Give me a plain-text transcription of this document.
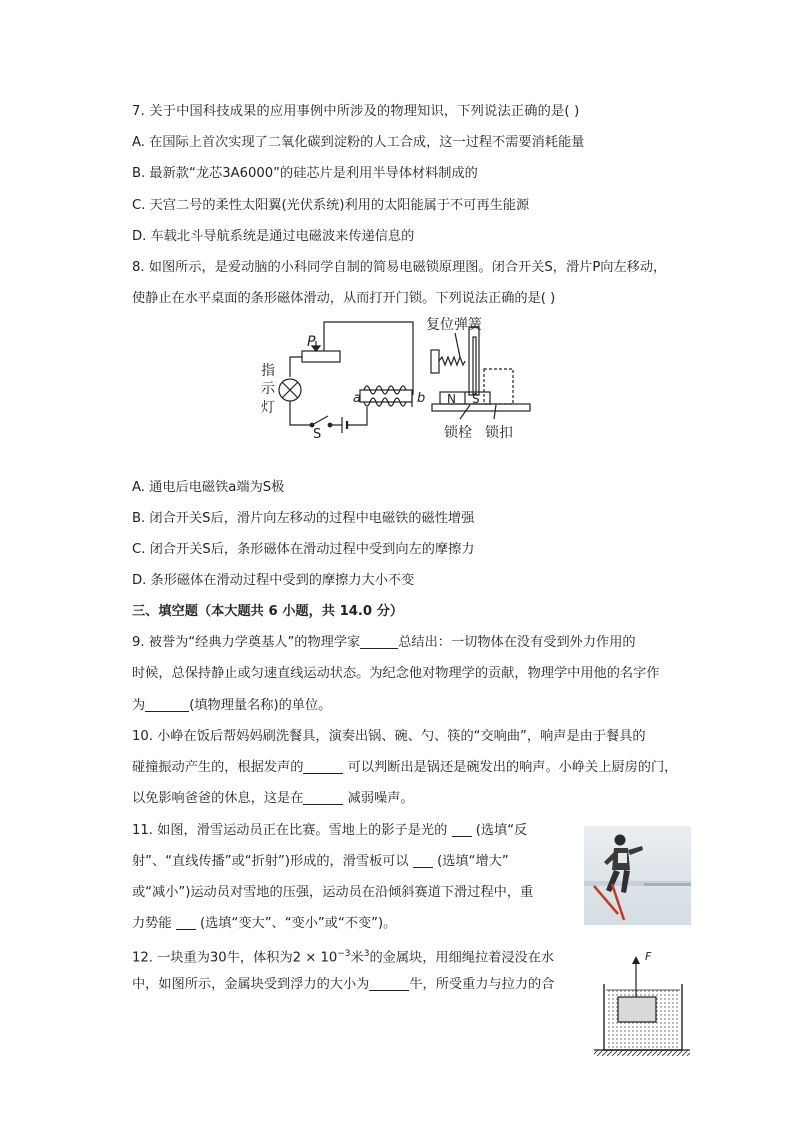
7. 关于中国科技成果的应用事例中所涉及的物理知识，下列说法正确的是( )
A. 在国际上首次实现了二氧化碳到淀粉的人工合成，这一过程不需要消耗能量
B. 最新款“龙芯3A6000”的硅芯片是利用半导体材料制成的
C. 天宫二号的柔性太阳翼(光伏系统)利用的太阳能属于不可再生能源
D. 车载北斗导航系统是通过电磁波来传递信息的
8. 如图所示，是爱动脑的小科同学自制的简易电磁锁原理图。闭合开关S，滑片P向左移动，
使静止在水平桌面的条形磁体滑动，从而打开门锁。下列说法正确的是( )
P
指
示
灯
S
a	b
复位弹簧
N S
锁栓 锁扣
A. 通电后电磁铁a端为S极
B. 闭合开关S后，滑片向左移动的过程中电磁铁的磁性增强
C. 闭合开关S后，条形磁体在滑动过程中受到向左的摩擦力
D. 条形磁体在滑动过程中受到的摩擦力大小不变
三、填空题（本大题共 6 小题，共 14.0 分）
9. 被誉为“经典力学奠基人”的物理学家	总结出：一切物体在没有受到外力作用的
时候，总保持静止或匀速直线运动状态。为纪念他对物理学的贡献，物理学中用他的名字作
为	(填物理量名称)的单位。
10. 小峥在饭后帮妈妈刷洗餐具，演奏出锅、碗、勺、筷的“交响曲”，响声是由于餐具的
碰撞振动产生的，根据发声的	可以判断出是锅还是碗发出的响声。小峥关上厨房的门，
以免影响爸爸的休息，这是在	减弱噪声。
11. 如图，滑雪运动员正在比赛。雪地上的影子是光的 (选填“反
射”、“直线传播”或“折射”)形成的，滑雪板可以 (选填“增大”
或“减小”)运动员对雪地的压强，运动员在沿倾斜赛道下滑过程中，重
力势能 (选填“变大”、“变小”或“不变”)。
12. 一块重为30牛，体积为$2 \times 10^{-3}$米$^3$的金属块，用细绳拉着浸没在水
中，如图所示，金属块受到浮力的大小为	牛，所受重力与拉力的合
F
